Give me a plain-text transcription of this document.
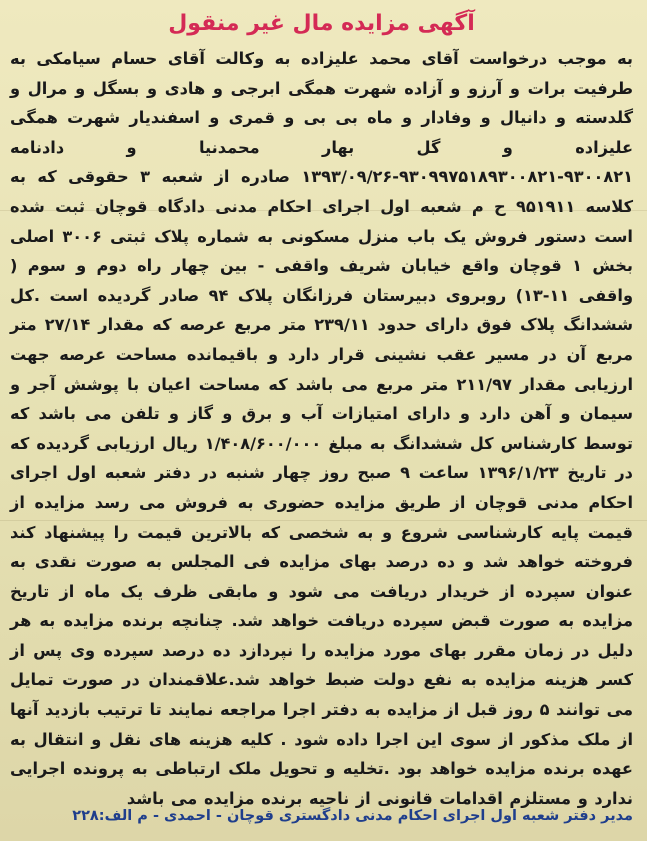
آگهی مزایده مال غیر منقول

به موجب درخواست آقای محمد علیزاده به وکالت آقای حسام سیامکی به طرفیت برات و آرزو و آزاده شهرت همگی ابرجی و هادی و بسگل و مرال و گلدسته و دانیال و وفادار و ماه بی بی و قمری و اسفندیار شهرت همگی علیزاده و گل بهار محمدنیا و دادنامه ۹۳۰۰۸۲۱-۹۳۰۹۹۷۵۱۸۹۳۰۰۸۲۱-۱۳۹۳/۰۹/۲۶ صادره از شعبه ۳ حقوقی که به کلاسه ۹۵۱۹۱۱ ح م شعبه اول اجرای احکام مدنی دادگاه قوچان ثبت شده است دستور فروش یک باب منزل مسکونی به شماره پلاک ثبتی ۳۰۰۶ اصلی بخش ۱ قوچان واقع خیابان شریف واقفی - بین چهار راه دوم و سوم ( واقفی ۱۱-۱۳) روبروی دبیرستان فرزانگان پلاک ۹۴ صادر گردیده است .کل ششدانگ پلاک فوق دارای حدود ۲۳۹/۱۱ متر مربع عرصه که مقدار ۲۷/۱۴ متر مربع آن در مسیر عقب نشینی قرار دارد و باقیمانده مساحت عرصه جهت ارزیابی مقدار ۲۱۱/۹۷ متر مربع می باشد که مساحت اعیان با پوشش آجر و سیمان و آهن دارد و دارای امتیازات آب و برق و گاز و تلفن می باشد که توسط کارشناس کل ششدانگ به مبلغ ۱/۴۰۸/۶۰۰/۰۰۰ ریال ارزیابی گردیده که در تاریخ ۱۳۹۶/۱/۲۳ ساعت ۹ صبح روز چهار شنبه در دفتر شعبه اول اجرای احکام مدنی قوچان از طریق مزایده حضوری به فروش می رسد مزایده از قیمت پایه کارشناسی شروع و به شخصی که بالاترین قیمت را پیشنهاد کند فروخته خواهد شد و ده درصد بهای مزایده فی المجلس به صورت نقدی به عنوان سپرده از خریدار دریافت می شود و مابقی ظرف یک ماه از تاریخ مزایده به صورت قبض سپرده دریافت خواهد شد. چنانچه برنده مزایده به هر دلیل در زمان مقرر بهای مورد مزایده را نپردازد ده درصد سپرده وی پس از کسر هزینه مزایده به نفع دولت ضبط خواهد شد.علاقمندان در صورت تمایل می توانند ۵ روز قبل از مزایده به دفتر اجرا مراجعه نمایند تا ترتیب بازدید آنها از ملک مذکور از سوی این اجرا داده شود . کلیه هزینه های نقل و انتقال به عهده برنده مزایده خواهد بود .تخلیه و تحویل ملک ارتباطی به پرونده اجرایی ندارد و مستلزم اقدامات قانونی از ناحیه برنده مزایده می باشد

مدیر دفتر شعبه اول اجرای احکام مدنی دادگستری قوچان - احمدی - م الف:۲۲۸
